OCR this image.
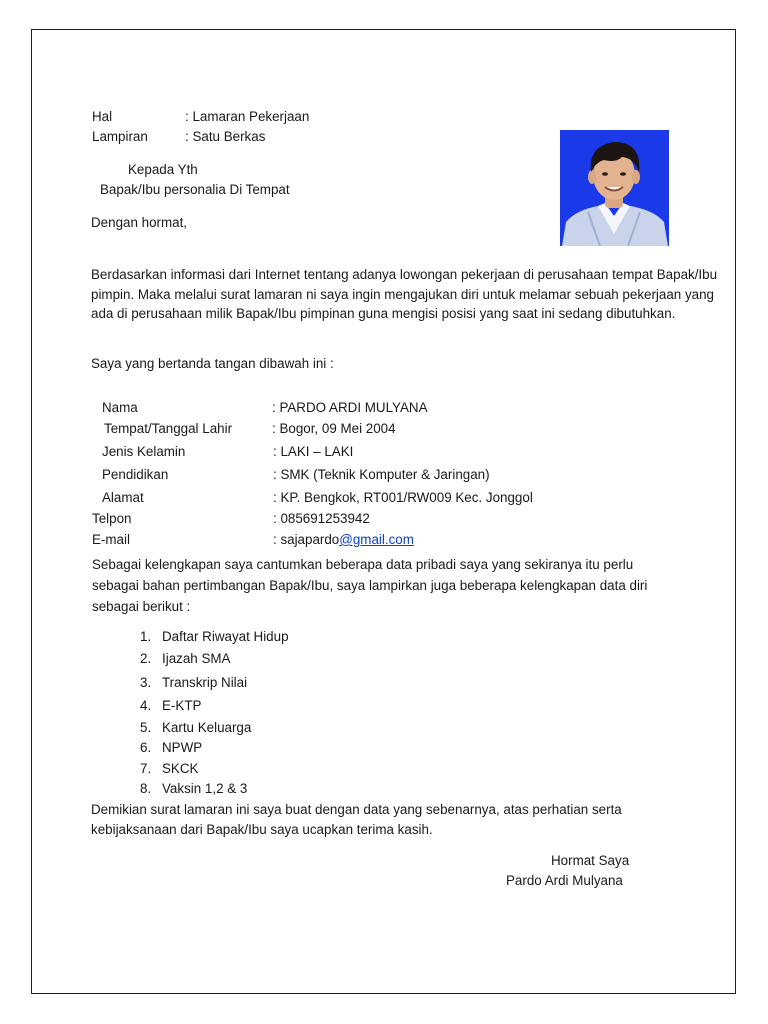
Hal	: Lamaran Pekerjaan
Lampiran	: Satu Berkas
Kepada Yth
Bapak/Ibu personalia Di Tempat
Dengan hormat,
Berdasarkan informasi dari Internet tentang adanya lowongan pekerjaan di perusahaan tempat Bapak/Ibu pimpin. Maka melalui surat lamaran ni saya ingin mengajukan diri untuk melamar sebuah pekerjaan yang ada di perusahaan milik Bapak/Ibu pimpinan guna mengisi posisi yang saat ini sedang dibutuhkan.
Saya yang bertanda tangan dibawah ini :
Nama	: PARDO ARDI MULYANA
Tempat/Tanggal Lahir	: Bogor, 09 Mei 2004
Jenis Kelamin	: LAKI – LAKI
Pendidikan	: SMK (Teknik Komputer & Jaringan)
Alamat	: KP. Bengkok, RT001/RW009 Kec. Jonggol
Telpon	: 085691253942
E-mail	: sajapardo@gmail.com
Sebagai kelengkapan saya cantumkan beberapa data pribadi saya yang sekiranya itu perlu sebagai bahan pertimbangan Bapak/Ibu, saya lampirkan juga beberapa kelengkapan data diri sebagai berikut :
1. Daftar Riwayat Hidup
2. Ijazah SMA
3. Transkrip Nilai
4. E-KTP
5. Kartu Keluarga
6. NPWP
7. SKCK
8. Vaksin 1,2 & 3
Demikian surat lamaran ini saya buat dengan data yang sebenarnya, atas perhatian serta kebijaksanaan dari Bapak/Ibu saya ucapkan terima kasih.
Hormat Saya
Pardo Ardi Mulyana
